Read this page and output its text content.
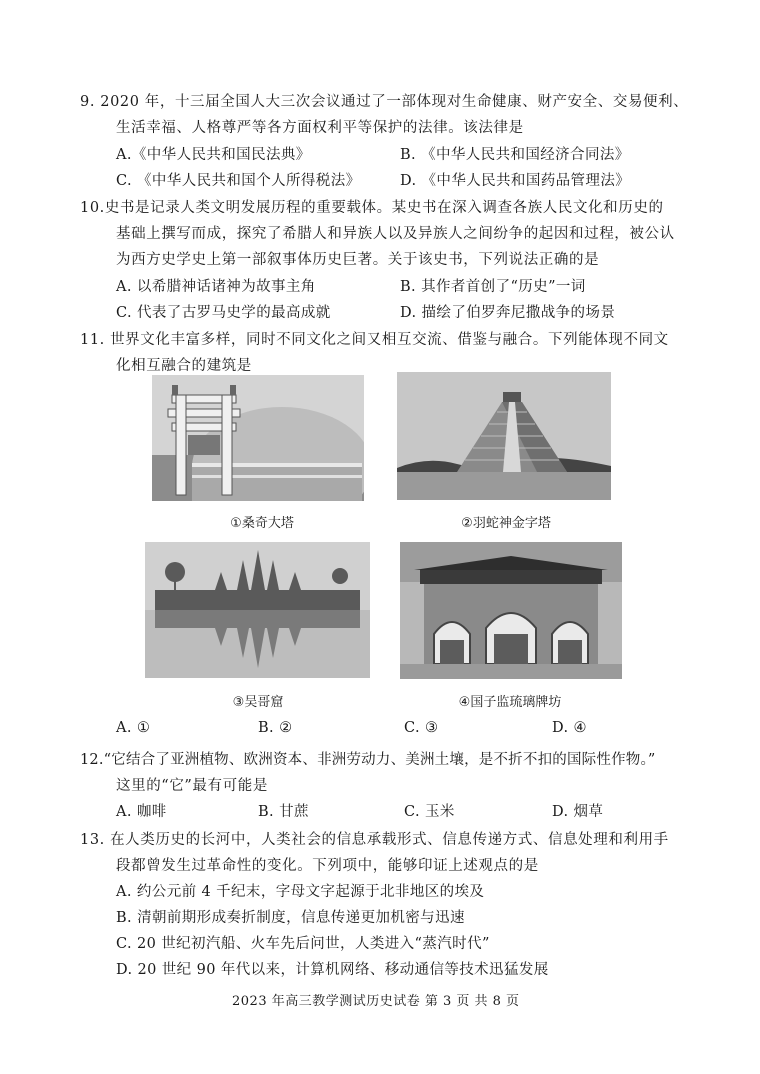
9. 2020 年，十三届全国人大三次会议通过了一部体现对生命健康、财产安全、交易便利、
生活幸福、人格尊严等各方面权利平等保护的法律。该法律是
A.《中华人民共和国民法典》	B. 《中华人民共和国经济合同法》
C. 《中华人民共和国个人所得税法》	D. 《中华人民共和国药品管理法》
10.史书是记录人类文明发展历程的重要载体。某史书在深入调查各族人民文化和历史的
基础上撰写而成，探究了希腊人和异族人以及异族人之间纷争的起因和过程，被公认
为西方史学史上第一部叙事体历史巨著。关于该史书，下列说法正确的是
A. 以希腊神话诸神为故事主角	B. 其作者首创了“历史”一词
C. 代表了古罗马史学的最高成就	D. 描绘了伯罗奔尼撒战争的场景
11. 世界文化丰富多样，同时不同文化之间又相互交流、借鉴与融合。下列能体现不同文
化相互融合的建筑是
①桑奇大塔	②羽蛇神金字塔
③吴哥窟	④国子监琉璃牌坊
A. ①	B. ②	C. ③	D. ④
12.“它结合了亚洲植物、欧洲资本、非洲劳动力、美洲土壤，是不折不扣的国际性作物。”
这里的“它”最有可能是
A. 咖啡	B. 甘蔗	C. 玉米	D. 烟草
13. 在人类历史的长河中，人类社会的信息承载形式、信息传递方式、信息处理和利用手
段都曾发生过革命性的变化。下列项中，能够印证上述观点的是
A. 约公元前 4 千纪末，字母文字起源于北非地区的埃及
B. 清朝前期形成奏折制度，信息传递更加机密与迅速
C. 20 世纪初汽船、火车先后问世，人类进入“蒸汽时代”
D. 20 世纪 90 年代以来，计算机网络、移动通信等技术迅猛发展
2023 年高三教学测试历史试卷 第 3 页 共 8 页
